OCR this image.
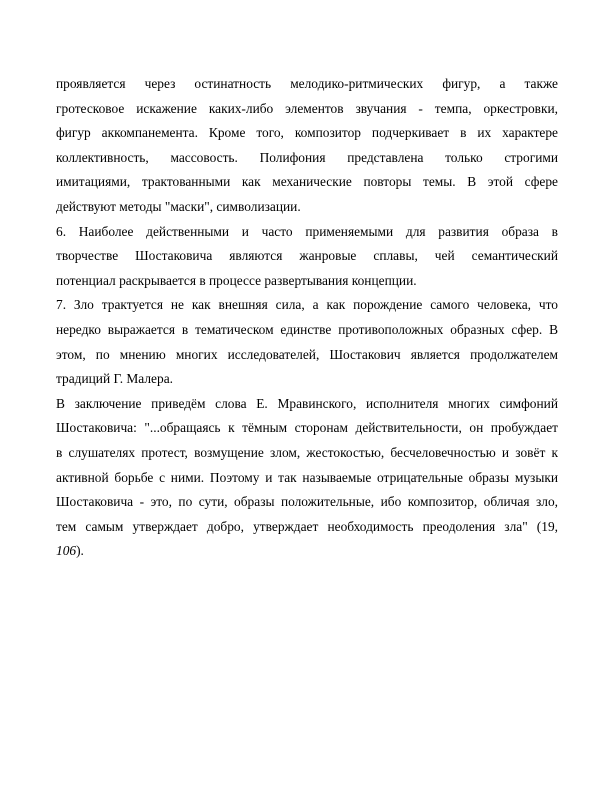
проявляется через остинатность мелодико-ритмических фигур, а также
гротесковое искажение каких-либо элементов звучания - темпа, оркестровки,
фигур аккомпанемента. Кроме того, композитор подчеркивает в их характере
коллективность, массовость. Полифония представлена только строгими
имитациями, трактованными как механические повторы темы. В этой сфере
действуют методы "маски", символизации.
6. Наиболее действенными и часто применяемыми для развития образа в
творчестве Шостаковича являются жанровые сплавы, чей семантический
потенциал раскрывается в процессе развертывания концепции.
7. Зло трактуется не как внешняя сила, а как порождение самого человека, что
нередко выражается в тематическом единстве противоположных образных сфер. В
этом, по мнению многих исследователей, Шостакович является продолжателем
традиций Г. Малера.
В заключение приведём слова Е. Мравинского, исполнителя многих симфоний
Шостаковича: "...обращаясь к тёмным сторонам действительности, он пробуждает
в слушателях протест, возмущение злом, жестокостью, бесчеловечностью и зовёт к
активной борьбе с ними. Поэтому и так называемые отрицательные образы музыки
Шостаковича - это, по сути, образы положительные, ибо композитор, обличая зло,
тем самым утверждает добро, утверждает необходимость преодоления зла" (19,
106).
